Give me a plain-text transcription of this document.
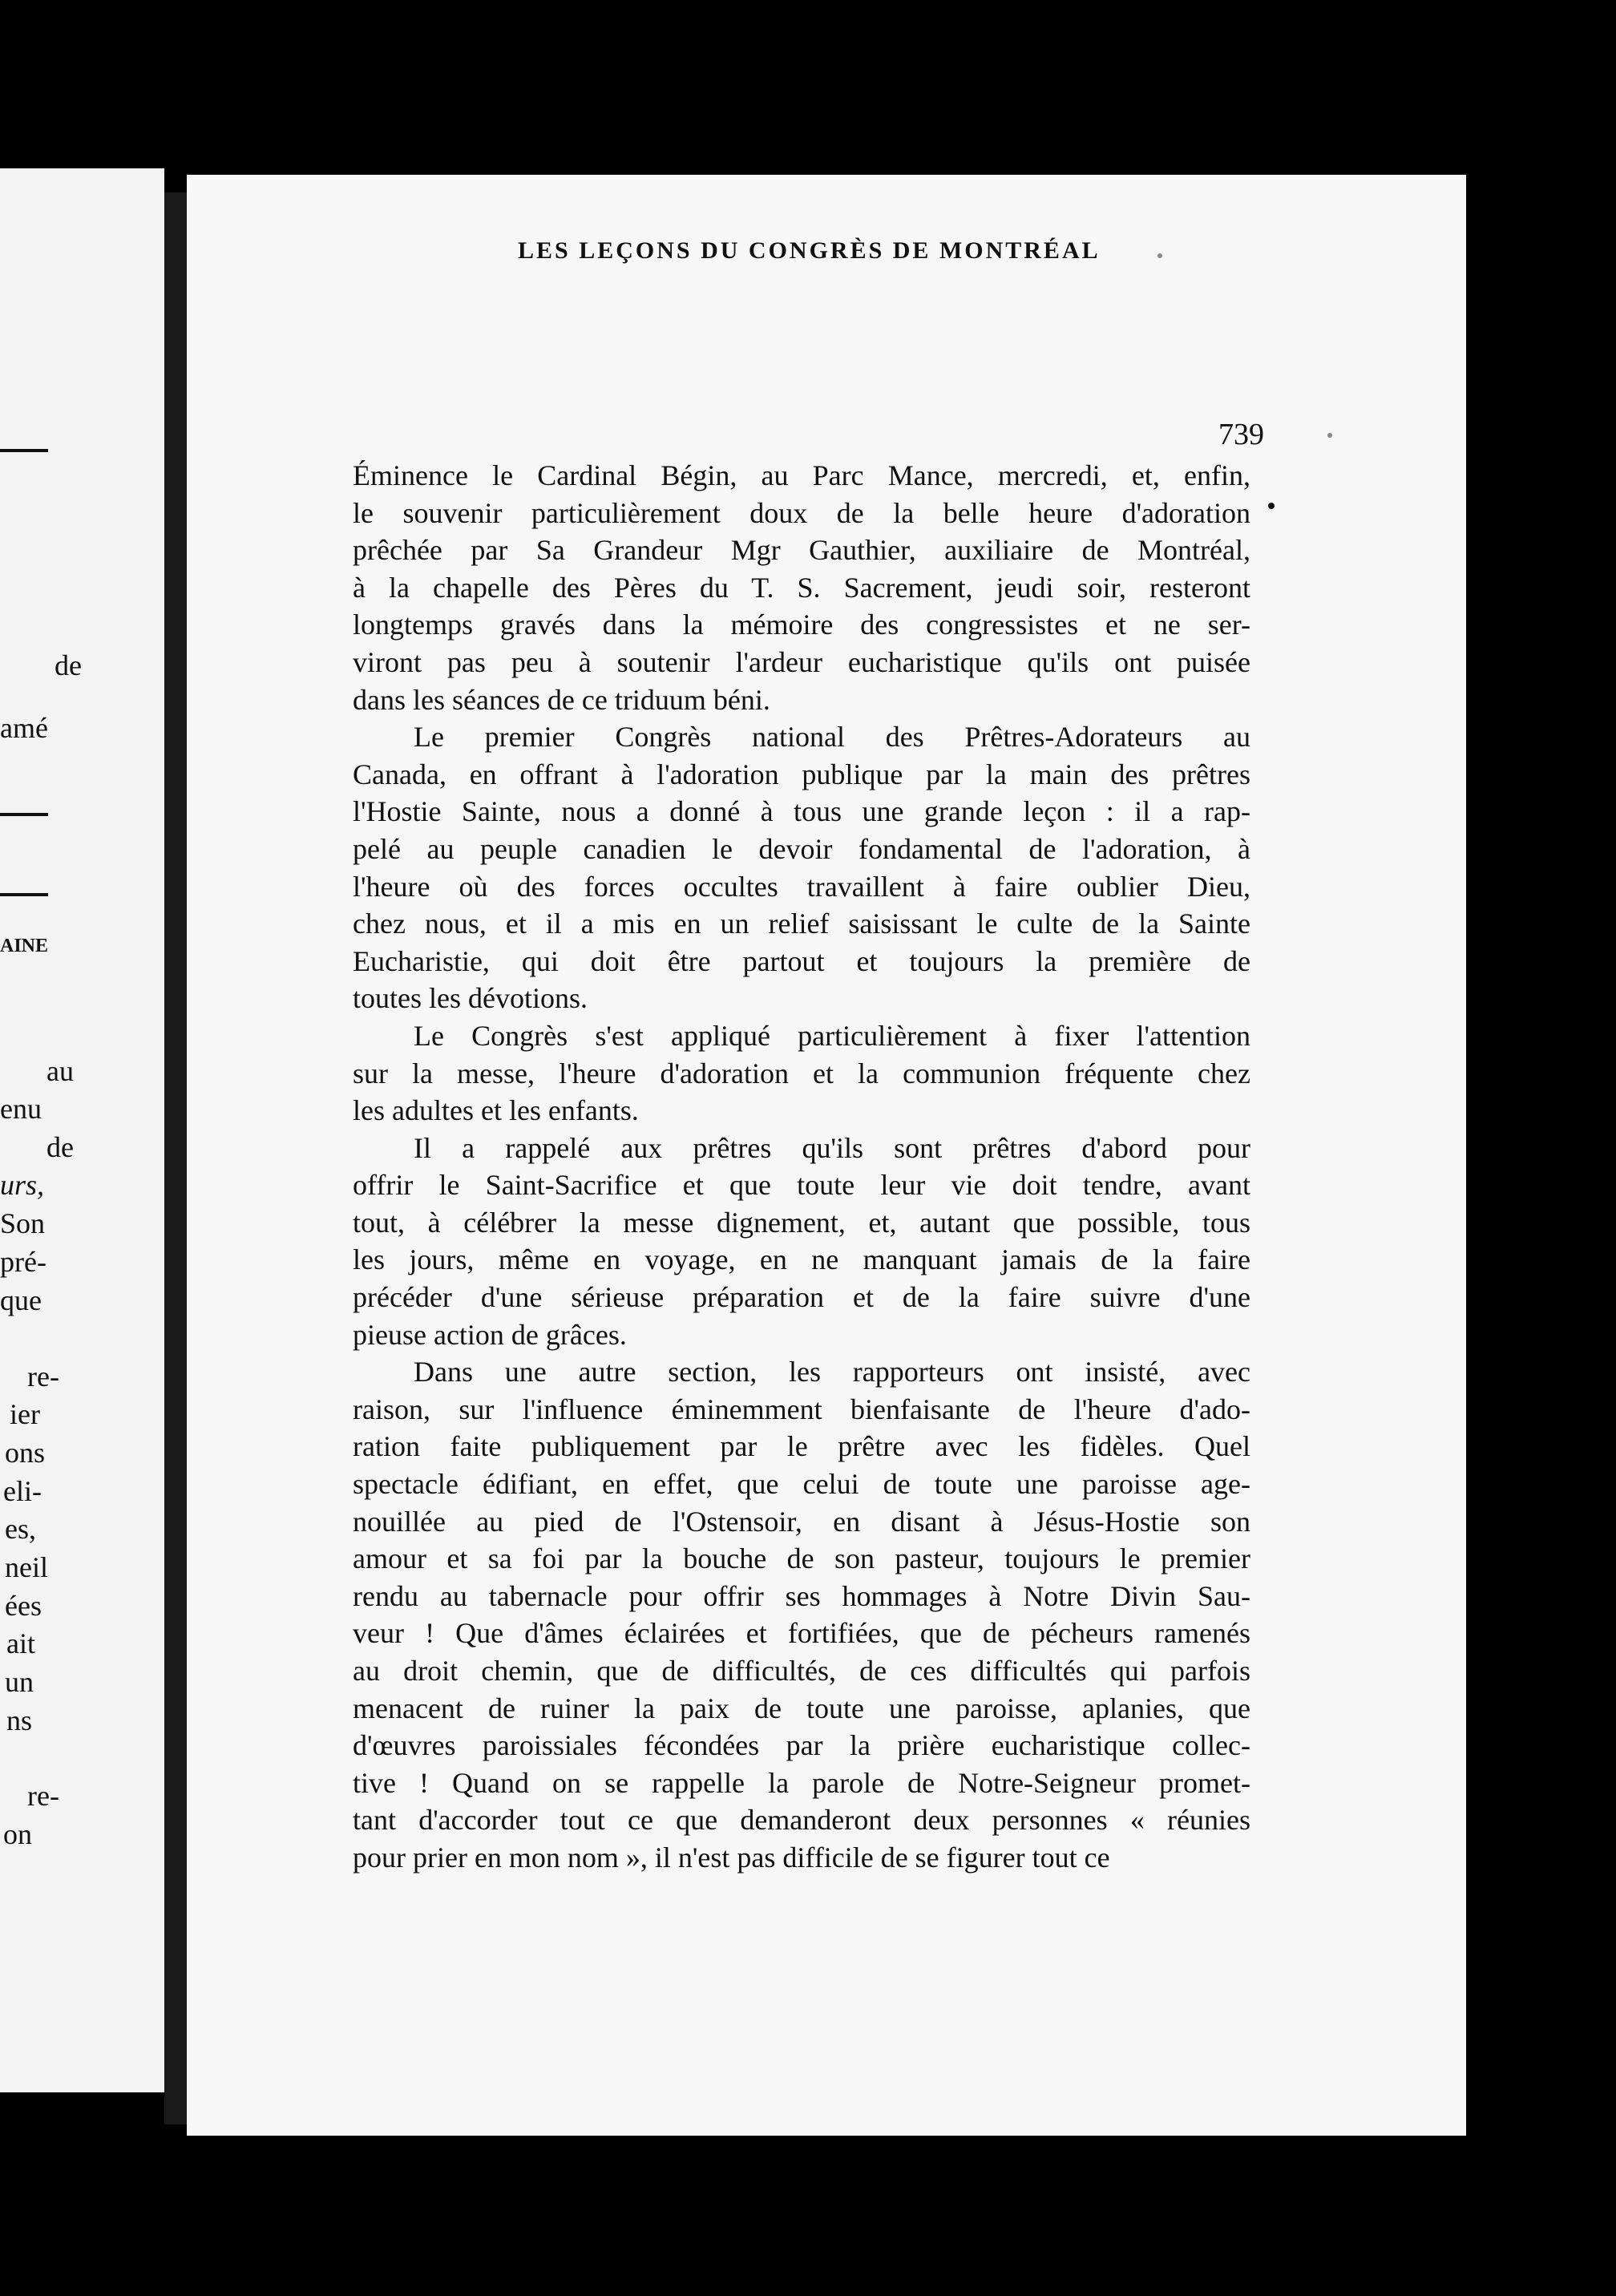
de
amé
AINE
au
enu
de
urs,
Son
pré-
que
re-
ier
ons
eli-
es,
neil
ées
ait
un
ns
re-
on
LES LEÇONS DU CONGRÈS DE MONTRÉAL
739
Éminence le Cardinal Bégin, au Parc Mance, mercredi, et, enfin,
le souvenir particulièrement doux de la belle heure d'adoration
prêchée par Sa Grandeur Mgr Gauthier, auxiliaire de Montréal,
à la chapelle des Pères du T. S. Sacrement, jeudi soir, resteront
longtemps gravés dans la mémoire des congressistes et ne ser-
viront pas peu à soutenir l'ardeur eucharistique qu'ils ont puisée
dans les séances de ce triduum béni.
Le premier Congrès national des Prêtres-Adorateurs au
Canada, en offrant à l'adoration publique par la main des prêtres
l'Hostie Sainte, nous a donné à tous une grande leçon : il a rap-
pelé au peuple canadien le devoir fondamental de l'adoration, à
l'heure où des forces occultes travaillent à faire oublier Dieu,
chez nous, et il a mis en un relief saisissant le culte de la Sainte
Eucharistie, qui doit être partout et toujours la première de
toutes les dévotions.
Le Congrès s'est appliqué particulièrement à fixer l'attention
sur la messe, l'heure d'adoration et la communion fréquente chez
les adultes et les enfants.
Il a rappelé aux prêtres qu'ils sont prêtres d'abord pour
offrir le Saint-Sacrifice et que toute leur vie doit tendre, avant
tout, à célébrer la messe dignement, et, autant que possible, tous
les jours, même en voyage, en ne manquant jamais de la faire
précéder d'une sérieuse préparation et de la faire suivre d'une
pieuse action de grâces.
Dans une autre section, les rapporteurs ont insisté, avec
raison, sur l'influence éminemment bienfaisante de l'heure d'ado-
ration faite publiquement par le prêtre avec les fidèles. Quel
spectacle édifiant, en effet, que celui de toute une paroisse age-
nouillée au pied de l'Ostensoir, en disant à Jésus-Hostie son
amour et sa foi par la bouche de son pasteur, toujours le premier
rendu au tabernacle pour offrir ses hommages à Notre Divin Sau-
veur ! Que d'âmes éclairées et fortifiées, que de pécheurs ramenés
au droit chemin, que de difficultés, de ces difficultés qui parfois
menacent de ruiner la paix de toute une paroisse, aplanies, que
d'œuvres paroissiales fécondées par la prière eucharistique collec-
tive ! Quand on se rappelle la parole de Notre-Seigneur promet-
tant d'accorder tout ce que demanderont deux personnes « réunies
pour prier en mon nom », il n'est pas difficile de se figurer tout ce
